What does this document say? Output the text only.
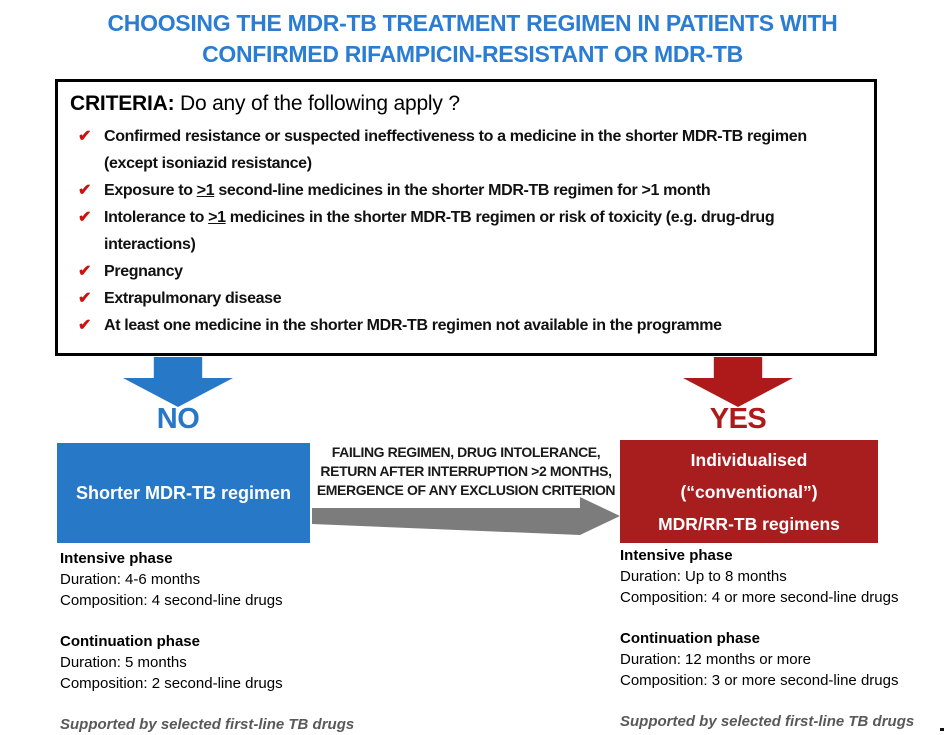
CHOOSING THE MDR-TB TREATMENT REGIMEN IN PATIENTS WITH
CONFIRMED RIFAMPICIN-RESISTANT OR MDR-TB
CRITERIA: Do any of the following apply ?
✔ Confirmed resistance or suspected ineffectiveness to a medicine in the shorter MDR-TB regimen (except isoniazid resistance)
✔ Exposure to >1 second-line medicines in the shorter MDR-TB regimen for >1 month
✔ Intolerance to >1 medicines in the shorter MDR-TB regimen or risk of toxicity (e.g. drug-drug interactions)
✔ Pregnancy
✔ Extrapulmonary disease
✔ At least one medicine in the shorter MDR-TB regimen not available in the programme
NO	YES
Shorter MDR-TB regimen
Individualised
(“conventional”)
MDR/RR-TB regimens
FAILING REGIMEN, DRUG INTOLERANCE,
RETURN AFTER INTERRUPTION >2 MONTHS,
EMERGENCE OF ANY EXCLUSION CRITERION

Intensive phase

Duration: 4-6 months

Composition: 4 second-line drugs

Continuation phase

Duration: 5 months

Composition: 2 second-line drugs

Supported by selected first-line TB drugs

Intensive phase

Duration: Up to 8 months

Composition: 4 or more second-line drugs

Continuation phase

Duration: 12 months or more

Composition: 3 or more second-line drugs

Supported by selected first-line TB drugs
